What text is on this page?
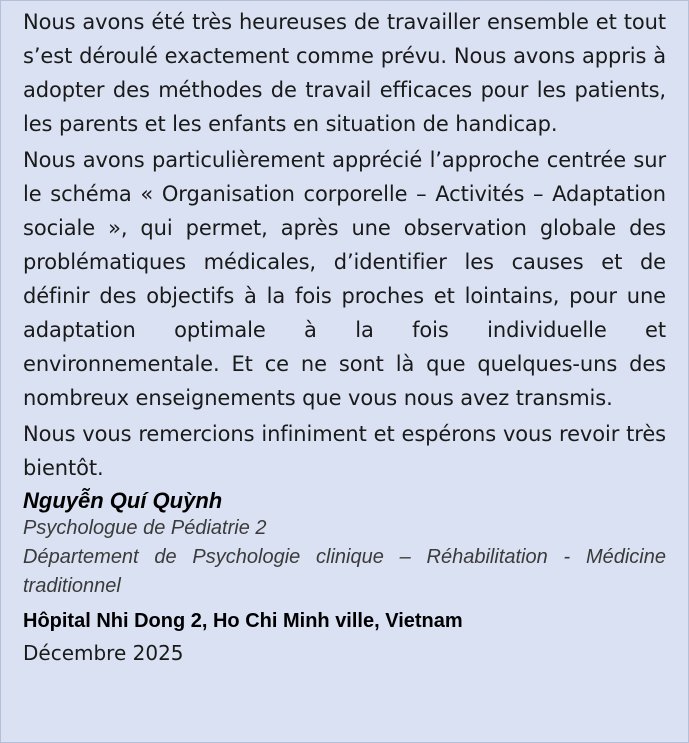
Nous avons été très heureuses de travailler ensemble et tout s’est déroulé exactement comme prévu. Nous avons appris à adopter des méthodes de travail efficaces pour les patients, les parents et les enfants en situation de handicap.

Nous avons particulièrement apprécié l’approche centrée sur le schéma « Organisation corporelle – Activités – Adaptation sociale », qui permet, après une observation globale des problématiques médicales, d’identifier les causes et de définir des objectifs à la fois proches et lointains, pour une adaptation optimale à la fois individuelle et environnementale. Et ce ne sont là que quelques-uns des nombreux enseignements que vous nous avez transmis.

Nous vous remercions infiniment et espérons vous revoir très bientôt.

Nguyễn Quí Quỳnh

Psychologue de Pédiatrie 2

Département de Psychologie clinique – Réhabilitation - Médicine traditionnel

Hôpital Nhi Dong 2, Ho Chi Minh ville, Vietnam

Décembre 2025
